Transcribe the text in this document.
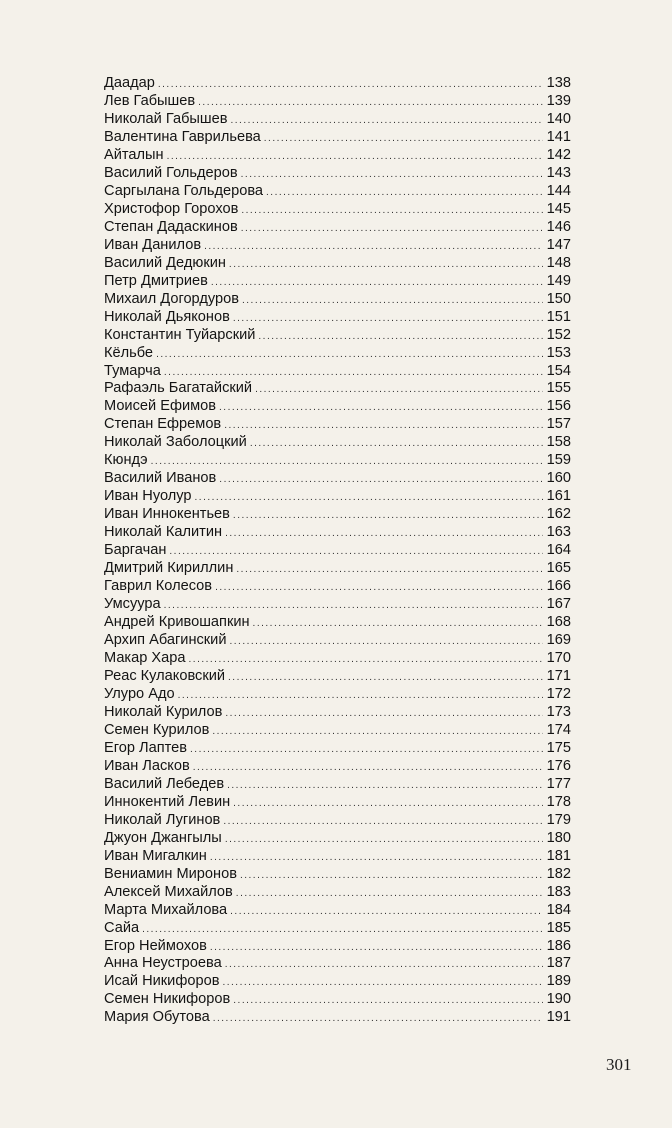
Даадар .....	138
Лев Габышев .....	139
Николай Габышев .....	140
Валентина Гаврильева .....	141
Айталын .....	142
Василий Гольдеров .....	143
Саргылана Гольдерова .....	144
Христофор Горохов .....	145
Степан Дадаскинов .....	146
Иван Данилов .....	147
Василий Дедюкин .....	148
Петр Дмитриев .....	149
Михаил Догордуров .....	150
Николай Дьяконов .....	151
Константин Туйарский .....	152
Кёльбе .....	153
Тумарча .....	154
Рафаэль Багатайский .....	155
Моисей Ефимов .....	156
Степан Ефремов .....	157
Николай Заболоцкий .....	158
Кюндэ .....	159
Василий Иванов .....	160
Иван Нуолур .....	161
Иван Иннокентьев .....	162
Николай Калитин .....	163
Баргачан .....	164
Дмитрий Кириллин .....	165
Гаврил Колесов .....	166
Умсуура .....	167
Андрей Кривошапкин .....	168
Архип Абагинский .....	169
Макар Хара .....	170
Реас Кулаковский .....	171
Улуро Адо .....	172
Николай Курилов .....	173
Семен Курилов .....	174
Егор Лаптев .....	175
Иван Ласков .....	176
Василий Лебедев .....	177
Иннокентий Левин .....	178
Николай Лугинов .....	179
Джуон Джангылы .....	180
Иван Мигалкин .....	181
Вениамин Миронов .....	182
Алексей Михайлов .....	183
Марта Михайлова .....	184
Сайа .....	185
Егор Неймохов .....	186
Анна Неустроева .....	187
Исай Никифоров .....	189
Семен Никифоров .....	190
Мария Обутова .....	191
301
